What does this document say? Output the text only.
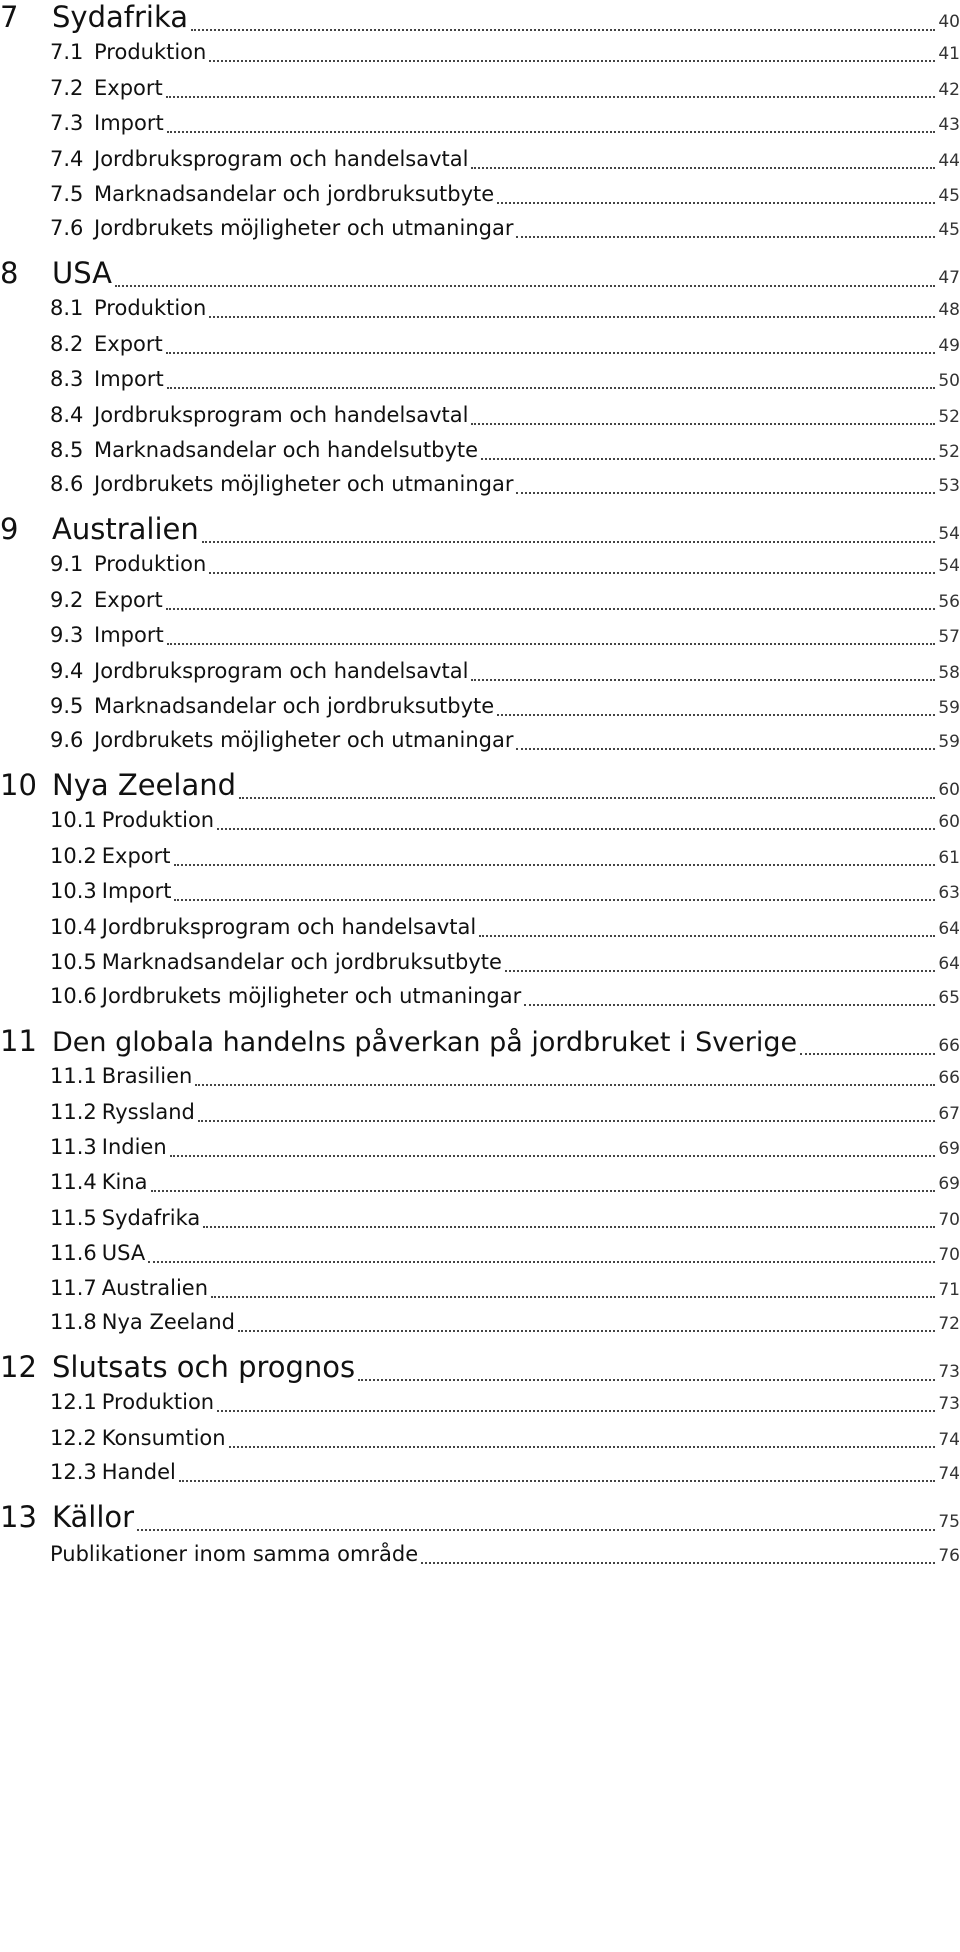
7	Sydafrika	40
7.1 Produktion	41
7.2 Export	42
7.3 Import	43
7.4 Jordbruksprogram och handelsavtal	44
7.5 Marknadsandelar och jordbruksutbyte	45
7.6 Jordbrukets möjligheter och utmaningar	45
8	USA	47
8.1 Produktion	48
8.2 Export	49
8.3 Import	50
8.4 Jordbruksprogram och handelsavtal	52
8.5 Marknadsandelar och handelsutbyte	52
8.6 Jordbrukets möjligheter och utmaningar	53
9	Australien	54
9.1 Produktion	54
9.2 Export	56
9.3 Import	57
9.4 Jordbruksprogram och handelsavtal	58
9.5 Marknadsandelar och jordbruksutbyte	59
9.6 Jordbrukets möjligheter och utmaningar	59
10 Nya Zeeland	60
10.1 Produktion	60
10.2 Export	61
10.3 Import	63
10.4 Jordbruksprogram och handelsavtal	64
10.5 Marknadsandelar och jordbruksutbyte	64
10.6 Jordbrukets möjligheter och utmaningar	65
11 Den globala handelns påverkan på jordbruket i Sverige	66
11.1 Brasilien	66
11.2 Ryssland	67
11.3 Indien	69
11.4 Kina	69
11.5 Sydafrika	70
11.6 USA	70
11.7 Australien	71
11.8 Nya Zeeland	72
12 Slutsats och prognos	73
12.1 Produktion	73
12.2 Konsumtion	74
12.3 Handel	74
13 Källor	75
Publikationer inom samma område	76
